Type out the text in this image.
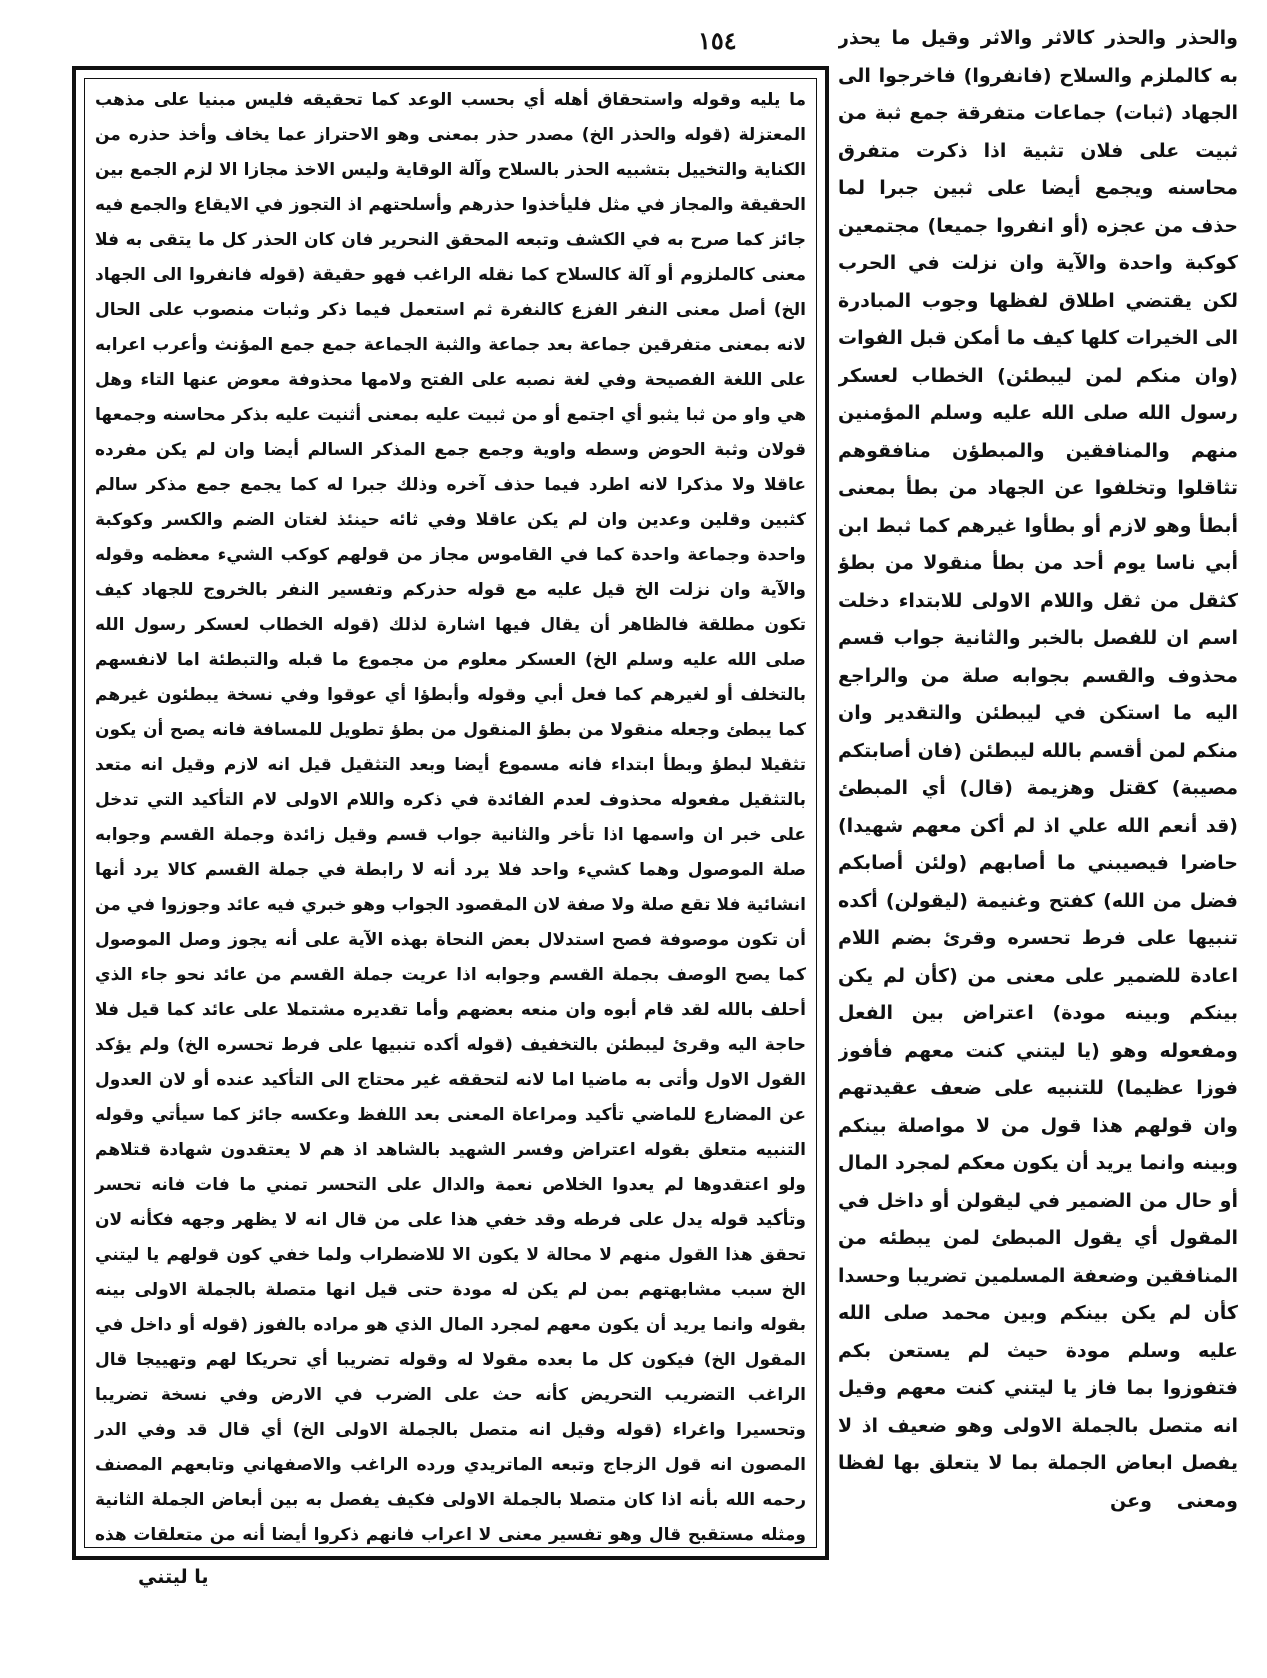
١٥٤

ما يليه وقوله واستحقاق أهله أي بحسب الوعد كما تحقيقه فليس مبنيا على مذهب المعتزلة (قوله والحذر الخ) مصدر حذر بمعنى وهو الاحتراز عما يخاف وأخذ حذره من الكناية والتخييل بتشبيه الحذر بالسلاح وآلة الوقاية وليس الاخذ مجازا الا لزم الجمع بين الحقيقة والمجاز في مثل فليأخذوا حذرهم وأسلحتهم اذ التجوز في الايقاع والجمع فيه جائز كما صرح به في الكشف وتبعه المحقق النحرير فان كان الحذر كل ما يتقى به فلا معنى كالملزوم أو آلة كالسلاح كما نقله الراغب فهو حقيقة (قوله فانفروا الى الجهاد الخ) أصل معنى النفر الفزع كالنفرة ثم استعمل فيما ذكر وثبات منصوب على الحال لانه بمعنى متفرقين جماعة بعد جماعة والثبة الجماعة جمع جمع المؤنث وأعرب اعرابه على اللغة الفصيحة وفي لغة نصبه على الفتح ولامها محذوفة معوض عنها التاء وهل هي واو من ثبا يثبو أي اجتمع أو من ثبيت عليه بمعنى أثنيت عليه بذكر محاسنه وجمعها قولان وثبة الحوض وسطه واوية وجمع جمع المذكر السالم أيضا وان لم يكن مفرده عاقلا ولا مذكرا لانه اطرد فيما حذف آخره وذلك جبرا له كما يجمع جمع مذكر سالم كثبين وقلين وعدين وان لم يكن عاقلا وفي ثائه حينئذ لغتان الضم والكسر وكوكبة واحدة وجماعة واحدة كما في القاموس مجاز من قولهم كوكب الشيء معظمه وقوله والآية وان نزلت الخ قيل عليه مع قوله حذركم وتفسير النفر بالخروج للجهاد كيف تكون مطلقة فالظاهر أن يقال فيها اشارة لذلك (قوله الخطاب لعسكر رسول الله صلى الله عليه وسلم الخ) العسكر معلوم من مجموع ما قبله والتبطئة اما لانفسهم بالتخلف أو لغيرهم كما فعل أبي وقوله وأبطؤا أي عوقوا وفي نسخة يبطئون غيرهم كما يبطئ وجعله منقولا من بطؤ المنقول من بطؤ تطويل للمسافة فانه يصح أن يكون تثقيلا لبطؤ وبطأ ابتداء فانه مسموع أيضا وبعد التثقيل قيل انه لازم وقيل انه متعد بالتثقيل مفعوله محذوف لعدم الفائدة في ذكره واللام الاولى لام التأكيد التي تدخل على خبر ان واسمها اذا تأخر والثانية جواب قسم وقيل زائدة وجملة القسم وجوابه صلة الموصول وهما كشيء واحد فلا يرد أنه لا رابطة في جملة القسم كالا يرد أنها انشائية فلا تقع صلة ولا صفة لان المقصود الجواب وهو خبري فيه عائد وجوزوا في من أن تكون موصوفة فصح استدلال بعض النحاة بهذه الآية على أنه يجوز وصل الموصول كما يصح الوصف بجملة القسم وجوابه اذا عريت جملة القسم من عائد نحو جاء الذي أحلف بالله لقد قام أبوه وان منعه بعضهم وأما تقديره مشتملا على عائد كما قيل فلا حاجة اليه وقرئ ليبطئن بالتخفيف (قوله أكده تنبيها على فرط تحسره الخ) ولم يؤكد القول الاول وأتى به ماضيا اما لانه لتحققه غير محتاج الى التأكيد عنده أو لان العدول عن المضارع للماضي تأكيد ومراعاة المعنى بعد اللفظ وعكسه جائز كما سيأتي وقوله التنبيه متعلق بقوله اعتراض وفسر الشهيد بالشاهد اذ هم لا يعتقدون شهادة قتلاهم ولو اعتقدوها لم يعدوا الخلاص نعمة والدال على التحسر تمني ما فات فانه تحسر وتأكيد قوله يدل على فرطه وقد خفي هذا على من قال انه لا يظهر وجهه فكأنه لان تحقق هذا القول منهم لا محالة لا يكون الا للاضطراب ولما خفي كون قولهم يا ليتني الخ سبب مشابهتهم بمن لم يكن له مودة حتى قيل انها متصلة بالجملة الاولى بينه بقوله وانما يريد أن يكون معهم لمجرد المال الذي هو مراده بالفوز (قوله أو داخل في المقول الخ) فيكون كل ما بعده مقولا له وقوله تضريبا أي تحريكا لهم وتهييجا قال الراغب التضريب التحريض كأنه حث على الضرب في الارض وفي نسخة تضريبا وتحسيرا واغراء (قوله وقيل انه متصل بالجملة الاولى الخ) أي قال قد وفي الدر المصون انه قول الزجاج وتبعه الماتريدي ورده الراغب والاصفهاني وتابعهم المصنف رحمه الله بأنه اذا كان متصلا بالجملة الاولى فكيف يفصل به بين أبعاض الجملة الثانية ومثله مستقبح قال وهو تفسير معنى لا اعراب فانهم ذكروا أيضا أنه من متعلقات هذه

والحذر والحذر كالاثر والاثر وقيل ما يحذر به كالملزم والسلاح (فانفروا) فاخرجوا الى الجهاد (ثبات) جماعات متفرقة جمع ثبة من ثبيت على فلان تثبية اذا ذكرت متفرق محاسنه ويجمع أيضا على ثبين جبرا لما حذف من عجزه (أو انفروا جميعا) مجتمعين كوكبة واحدة والآية وان نزلت في الحرب لكن يقتضي اطلاق لفظها وجوب المبادرة الى الخيرات كلها كيف ما أمكن قبل الفوات (وان منكم لمن ليبطئن) الخطاب لعسكر رسول الله صلى الله عليه وسلم المؤمنين منهم والمنافقين والمبطؤن منافقوهم تثاقلوا وتخلفوا عن الجهاد من بطأ بمعنى أبطأ وهو لازم أو بطأوا غيرهم كما ثبط ابن أبي ناسا يوم أحد من بطأ منقولا من بطؤ كثقل من ثقل واللام الاولى للابتداء دخلت اسم ان للفصل بالخبر والثانية جواب قسم محذوف والقسم بجوابه صلة من والراجع اليه ما استكن في ليبطئن والتقدير وان منكم لمن أقسم بالله ليبطئن (فان أصابتكم مصيبة) كقتل وهزيمة (قال) أي المبطئ (قد أنعم الله علي اذ لم أكن معهم شهيدا) حاضرا فيصيبني ما أصابهم (ولئن أصابكم فضل من الله) كفتح وغنيمة (ليقولن) أكده تنبيها على فرط تحسره وقرئ بضم اللام اعادة للضمير على معنى من (كأن لم يكن بينكم وبينه مودة) اعتراض بين الفعل ومفعوله وهو (يا ليتني كنت معهم فأفوز فوزا عظيما) للتنبيه على ضعف عقيدتهم وان قولهم هذا قول من لا مواصلة بينكم وبينه وانما يريد أن يكون معكم لمجرد المال أو حال من الضمير في ليقولن أو داخل في المقول أي يقول المبطئ لمن يبطئه من المنافقين وضعفة المسلمين تضريبا وحسدا كأن لم يكن بينكم وبين محمد صلى الله عليه وسلم مودة حيث لم يستعن بكم فتفوزوا بما فاز يا ليتني كنت معهم وقيل انه متصل بالجملة الاولى وهو ضعيف اذ لا يفصل ابعاض الجملة بما لا يتعلق بها لفظا ومعنى

وعن
يا ليتني
